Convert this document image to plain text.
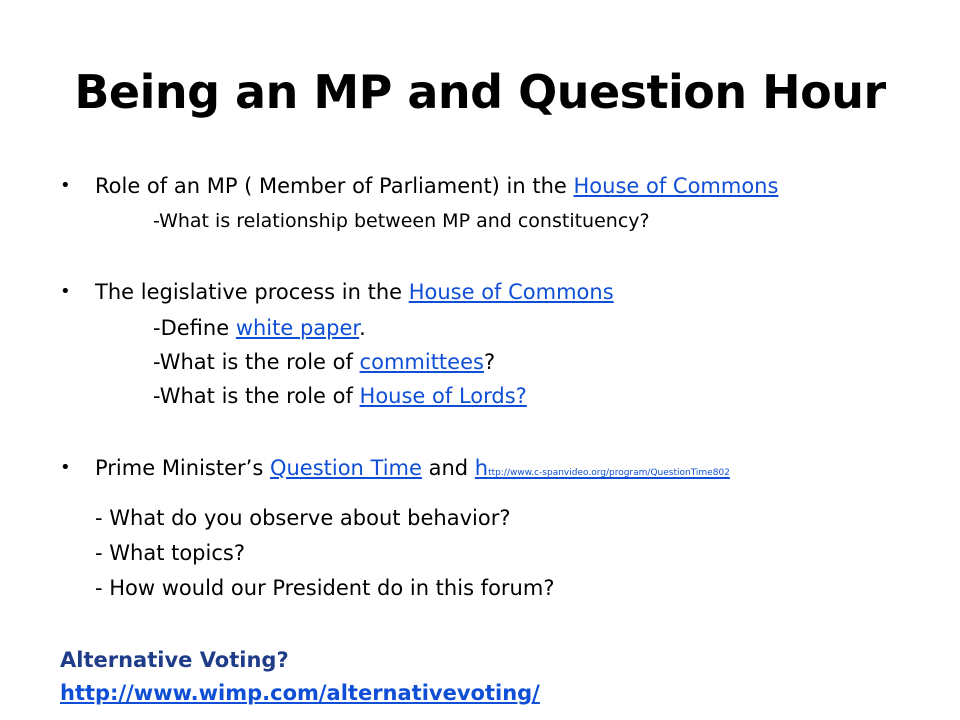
Being an MP and Question Hour
• Role of an MP ( Member of Parliament) in the House of Commons
-What is relationship between MP and constituency?
• The legislative process in the House of Commons
-Define white paper.
-What is the role of committees?
-What is the role of House of Lords?
• Prime Minister’s Question Time and http://www.c-spanvideo.org/program/QuestionTime802
- What do you observe about behavior?
- What topics?
- How would our President do in this forum?
Alternative Voting?
http://www.wimp.com/alternativevoting/
